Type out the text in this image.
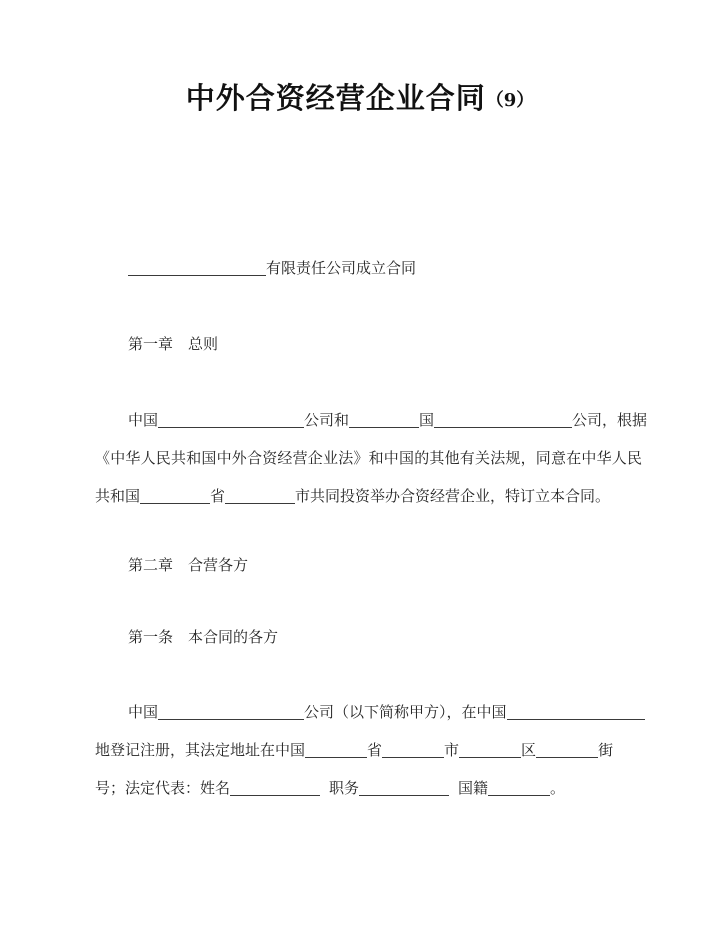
中外合资经营企业合同（9）
有限责任公司成立合同
第一章 总则
中国	公司和	国	公司，根据
《中华人民共和国中外合资经营企业法》和中国的其他有关法规，同意在中华人民
共和国	省	市共同投资举办合资经营企业，特订立本合同。
第二章 合营各方
第一条 本合同的各方
中国	公司（以下简称甲方），在中国
地登记注册，其法定地址在中国	省	市	区	街
号；法定代表：姓名	职务	国籍	。
